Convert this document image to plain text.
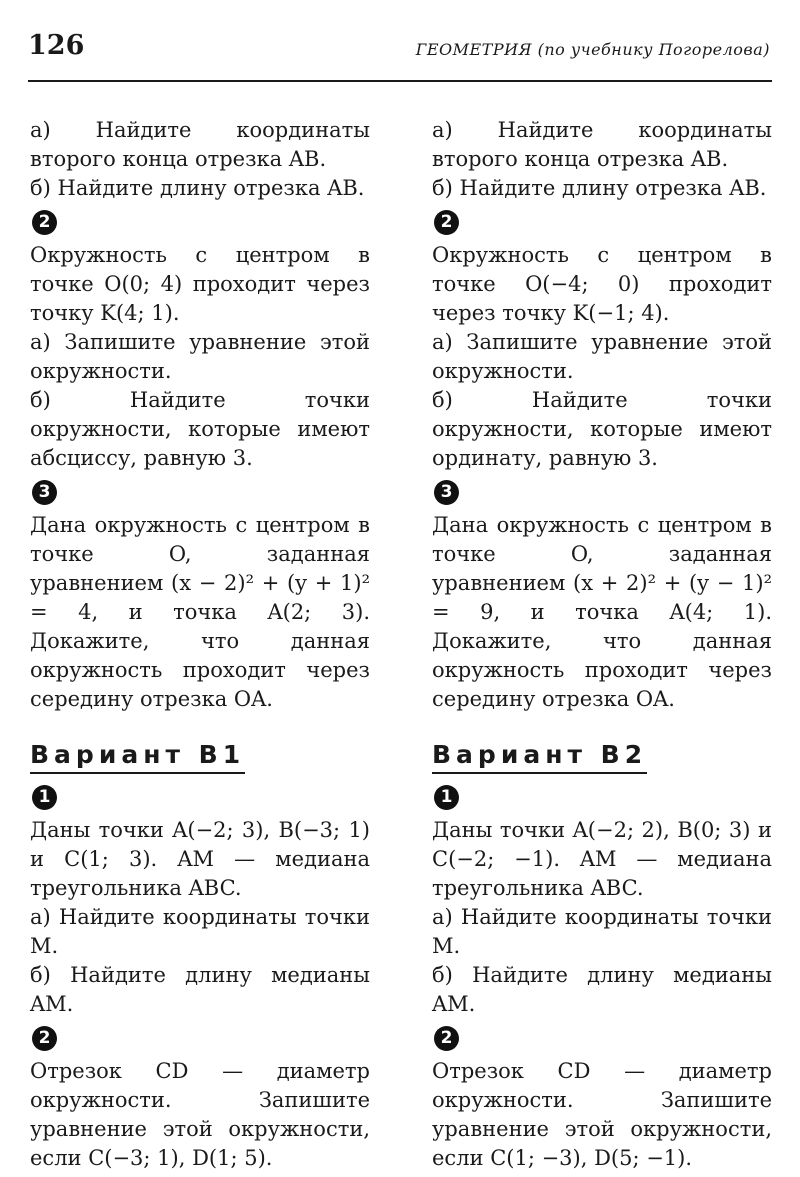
126	ГЕОМЕТРИЯ (по учебнику Погорелова)

а) Найдите координаты второго конца отрезка AB.

б) Найдите длину отрезка AB.

2

Окружность с центром в точке O(0; 4) проходит через точку K(4; 1).

а) Запишите уравнение этой окружности.

б) Найдите точки окружности, которые имеют абсциссу, равную 3.

3

Дана окружность с центром в точке O, заданная уравнением (x − 2)² + (y + 1)² = 4, и точка A(2; 3). Докажите, что данная окружность проходит через середину отрезка OA.

Вариант В1
1

Даны точки A(−2; 3), B(−3; 1) и C(1; 3). AM — медиана треугольника ABC.

а) Найдите координаты точки M.

б) Найдите длину медианы AM.

2

Отрезок CD — диаметр окружности. Запишите уравнение этой окружности, если C(−3; 1), D(1; 5).

а) Найдите координаты второго конца отрезка AB.

б) Найдите длину отрезка AB.

2

Окружность с центром в точке O(−4; 0) проходит через точку K(−1; 4).

а) Запишите уравнение этой окружности.

б) Найдите точки окружности, которые имеют ординату, равную 3.

3

Дана окружность с центром в точке O, заданная уравнением (x + 2)² + (y − 1)² = 9, и точка A(4; 1). Докажите, что данная окружность проходит через середину отрезка OA.

Вариант В2
1

Даны точки A(−2; 2), B(0; 3) и C(−2; −1). AM — медиана треугольника ABC.

а) Найдите координаты точки M.

б) Найдите длину медианы AM.

2

Отрезок CD — диаметр окружности. Запишите уравнение этой окружности, если C(1; −3), D(5; −1).
